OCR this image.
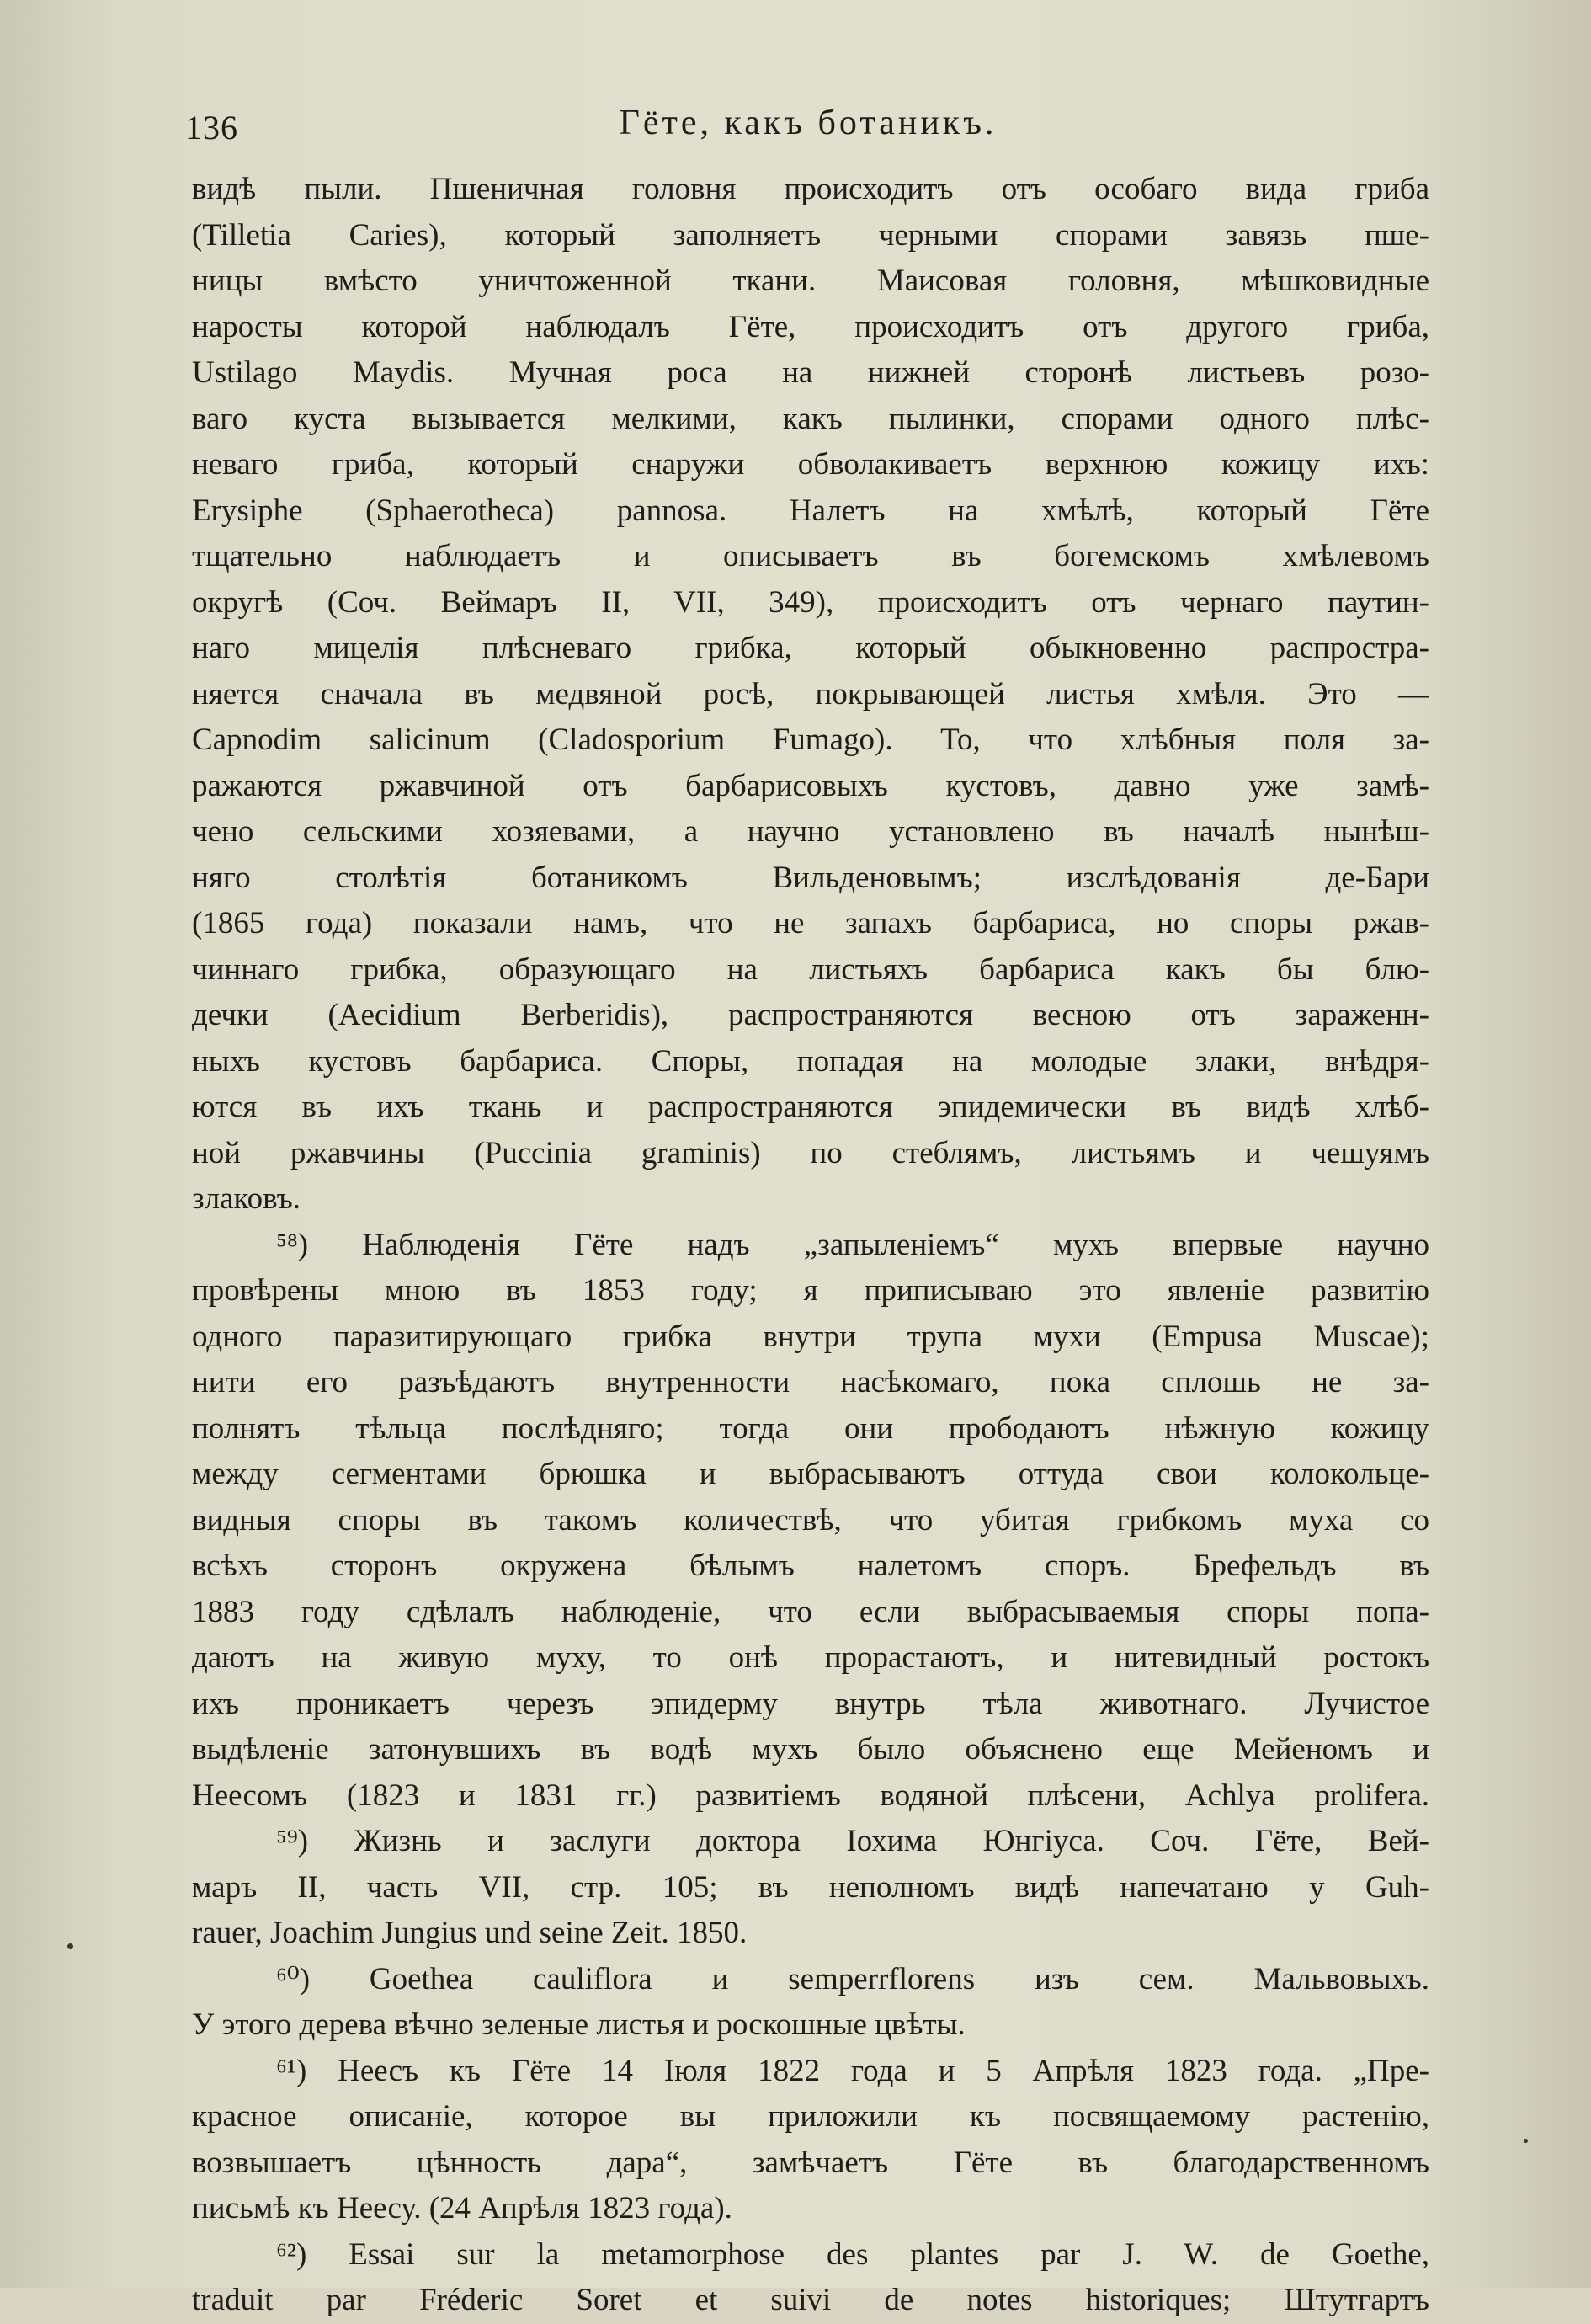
136	Гёте, какъ ботаникъ.
видѣ пыли. Пшеничная головня происходитъ отъ особаго вида гриба
(Tilletia Caries), который заполняетъ черными спорами завязь пше-
ницы вмѣсто уничтоженной ткани. Маисовая головня, мѣшковидные
наросты которой наблюдалъ Гёте, происходитъ отъ другого гриба,
Ustilago Maydis. Мучная роса на нижней сторонѣ листьевъ розо-
ваго куста вызывается мелкими, какъ пылинки, спорами одного плѣс-
неваго гриба, который снаружи обволакиваетъ верхнюю кожицу ихъ:
Erysiphe (Sphaerotheca) pannosa. Налетъ на хмѣлѣ, который Гёте
тщательно наблюдаетъ и описываетъ въ богемскомъ хмѣлевомъ
округѣ (Соч. Веймаръ II, VII, 349), происходитъ отъ чернаго паутин-
наго мицелія плѣсневаго грибка, который обыкновенно распростра-
няется сначала въ медвяной росѣ, покрывающей листья хмѣля. Это —
Capnodim salicinum (Cladosporium Fumago). То, что хлѣбныя поля за-
ражаются ржавчиной отъ барбарисовыхъ кустовъ, давно уже замѣ-
чено сельскими хозяевами, а научно установлено въ началѣ нынѣш-
няго столѣтія ботаникомъ Вильденовымъ; изслѣдованія де-Бари
(1865 года) показали намъ, что не запахъ барбариса, но споры ржав-
чиннаго грибка, образующаго на листьяхъ барбариса какъ бы блю-
дечки (Aecidium Berberidis), распространяются весною отъ зараженн-
ныхъ кустовъ барбариса. Споры, попадая на молодые злаки, внѣдря-
ются въ ихъ ткань и распространяются эпидемически въ видѣ хлѣб-
ной ржавчины (Puccinia graminis) по стеблямъ, листьямъ и чешуямъ
злаковъ.
⁵⁸) Наблюденія Гёте надъ „запыленіемъ“ мухъ впервые научно
провѣрены мною въ 1853 году; я приписываю это явленіе развитію
одного паразитирующаго грибка внутри трупа мухи (Empusa Muscae);
нити его разъѣдаютъ внутренности насѣкомаго, пока сплошь не за-
полнятъ тѣльца послѣдняго; тогда они прободаютъ нѣжную кожицу
между сегментами брюшка и выбрасываютъ оттуда свои колокольце-
видныя споры въ такомъ количествѣ, что убитая грибкомъ муха со
всѣхъ сторонъ окружена бѣлымъ налетомъ споръ. Брефельдъ въ
1883 году сдѣлалъ наблюденіе, что если выбрасываемыя споры попа-
даютъ на живую муху, то онѣ прорастаютъ, и нитевидный ростокъ
ихъ проникаетъ черезъ эпидерму внутрь тѣла животнаго. Лучистое
выдѣленіе затонувшихъ въ водѣ мухъ было объяснено еще Мейеномъ и
Неесомъ (1823 и 1831 гг.) развитіемъ водяной плѣсени, Achlya prolifera.
⁵⁹) Жизнь и заслуги доктора Іохима Юнгіуса. Соч. Гёте, Вей-
маръ II, часть VII, стр. 105; въ неполномъ видѣ напечатано у Guh-
rauer, Joachim Jungius und seine Zeit. 1850.
⁶⁰) Goethea cauliflora и semperrflorens изъ сем. Мальвовыхъ.
У этого дерева вѣчно зеленые листья и роскошные цвѣты.
⁶¹) Неесъ къ Гёте 14 Іюля 1822 года и 5 Апрѣля 1823 года. „Пре-
красное описаніе, которое вы приложили къ посвящаемому растенію,
возвышаетъ цѣнность дара“, замѣчаетъ Гёте въ благодарственномъ
письмѣ къ Неесу. (24 Апрѣля 1823 года).
⁶²) Essai sur la metamorphose des plantes par J. W. de Goethe,
traduit par Fréderic Soret et suivi de notes historiques; Штутгартъ
